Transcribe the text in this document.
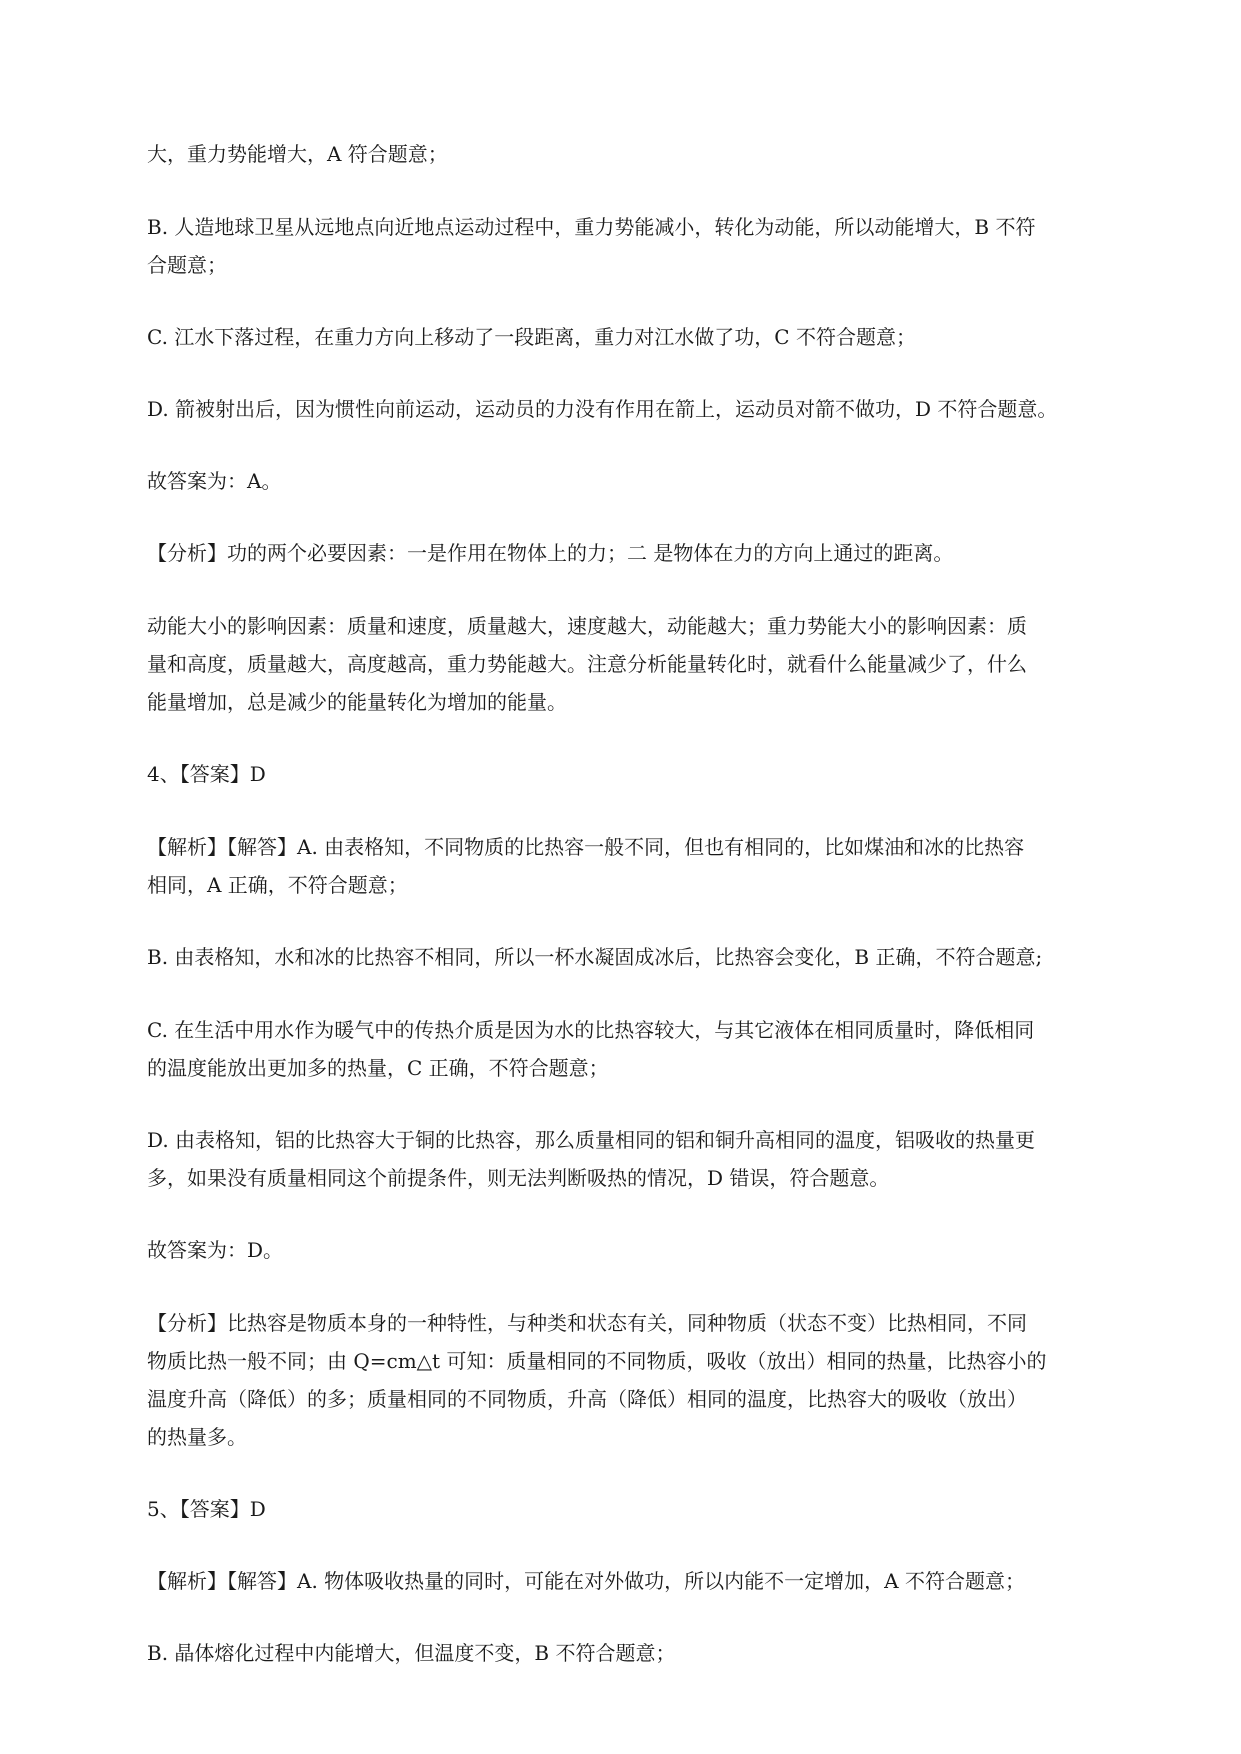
大，重力势能增大，A 符合题意；

B. 人造地球卫星从远地点向近地点运动过程中，重力势能减小，转化为动能，所以动能增大，B 不符

合题意；

C. 江水下落过程，在重力方向上移动了一段距离，重力对江水做了功，C 不符合题意；

D. 箭被射出后，因为惯性向前运动，运动员的力没有作用在箭上，运动员对箭不做功，D 不符合题意。

故答案为：A。

【分析】功的两个必要因素：一是作用在物体上的力；二 是物体在力的方向上通过的距离。

动能大小的影响因素：质量和速度，质量越大，速度越大，动能越大；重力势能大小的影响因素：质

量和高度，质量越大，高度越高，重力势能越大。注意分析能量转化时，就看什么能量减少了，什么

能量增加，总是减少的能量转化为增加的能量。

4、【答案】D

【解析】【解答】A. 由表格知，不同物质的比热容一般不同，但也有相同的，比如煤油和冰的比热容

相同，A 正确，不符合题意；

B. 由表格知，水和冰的比热容不相同，所以一杯水凝固成冰后，比热容会变化，B 正确，不符合题意;

C. 在生活中用水作为暖气中的传热介质是因为水的比热容较大，与其它液体在相同质量时，降低相同

的温度能放出更加多的热量，C 正确，不符合题意；

D. 由表格知，铝的比热容大于铜的比热容，那么质量相同的铝和铜升高相同的温度，铝吸收的热量更

多，如果没有质量相同这个前提条件，则无法判断吸热的情况，D 错误，符合题意。

故答案为：D。

【分析】比热容是物质本身的一种特性，与种类和状态有关，同种物质（状态不变）比热相同，不同

物质比热一般不同；由 Q=cm△t 可知：质量相同的不同物质，吸收（放出）相同的热量，比热容小的

温度升高（降低）的多；质量相同的不同物质，升高（降低）相同的温度，比热容大的吸收（放出）

的热量多。

5、【答案】D

【解析】【解答】A. 物体吸收热量的同时，可能在对外做功，所以内能不一定增加，A 不符合题意；

B. 晶体熔化过程中内能增大，但温度不变，B 不符合题意；
